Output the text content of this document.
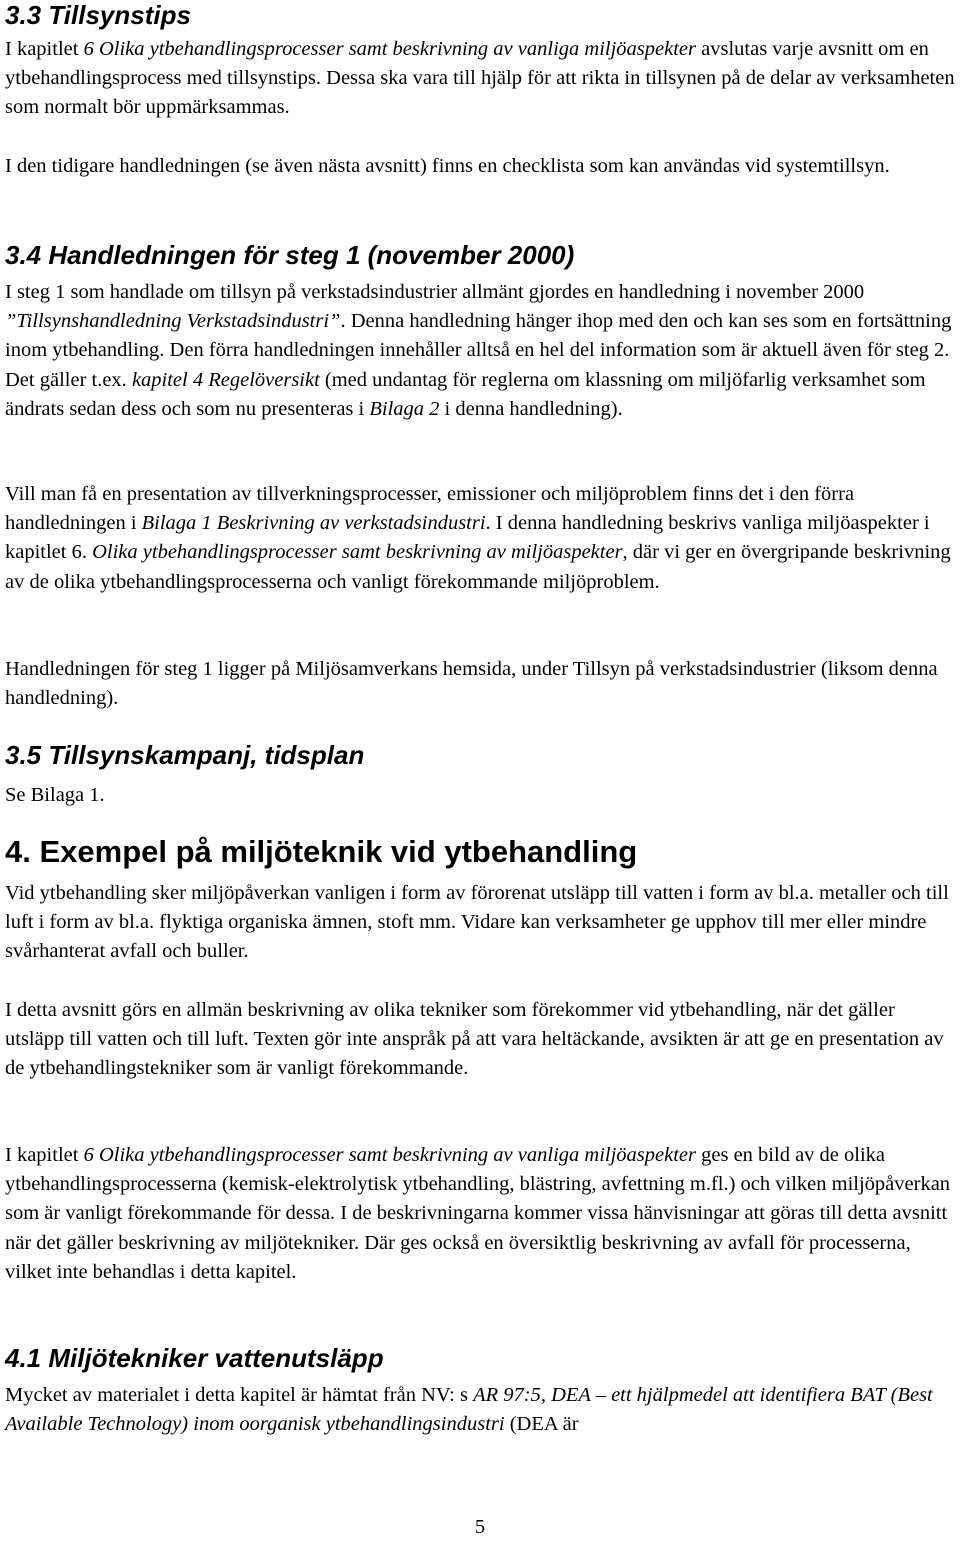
3.3 Tillsynstips

I kapitlet 6 Olika ytbehandlingsprocesser samt beskrivning av vanliga miljöaspekter avslutas varje avsnitt om en ytbehandlingsprocess med tillsynstips. Dessa ska vara till hjälp för att rikta in tillsynen på de delar av verksamheten som normalt bör uppmärksammas.

I den tidigare handledningen (se även nästa avsnitt) finns en checklista som kan användas vid systemtillsyn.

3.4 Handledningen för steg 1 (november 2000)

I steg 1 som handlade om tillsyn på verkstadsindustrier allmänt gjordes en handledning i november 2000 ”Tillsynshandledning Verkstadsindustri”. Denna handledning hänger ihop med den och kan ses som en fortsättning inom ytbehandling. Den förra handledningen innehåller alltså en hel del information som är aktuell även för steg 2. Det gäller t.ex. kapitel 4 Regelöversikt (med undantag för reglerna om klassning om miljöfarlig verksamhet som ändrats sedan dess och som nu presenteras i Bilaga 2 i denna handledning).

Vill man få en presentation av tillverkningsprocesser, emissioner och miljöproblem finns det i den förra handledningen i Bilaga 1 Beskrivning av verkstadsindustri. I denna handledning beskrivs vanliga miljöaspekter i kapitlet 6. Olika ytbehandlingsprocesser samt beskrivning av miljöaspekter, där vi ger en övergripande beskrivning av de olika ytbehandlingsprocesserna och vanligt förekommande miljöproblem.

Handledningen för steg 1 ligger på Miljösamverkans hemsida, under Tillsyn på verkstadsindustrier (liksom denna handledning).

3.5 Tillsynskampanj, tidsplan

Se Bilaga 1.

4. Exempel på miljöteknik vid ytbehandling

Vid ytbehandling sker miljöpåverkan vanligen i form av förorenat utsläpp till vatten i form av bl.a. metaller och till luft i form av bl.a. flyktiga organiska ämnen, stoft mm. Vidare kan verksamheter ge upphov till mer eller mindre svårhanterat avfall och buller.

I detta avsnitt görs en allmän beskrivning av olika tekniker som förekommer vid ytbehandling, när det gäller utsläpp till vatten och till luft. Texten gör inte anspråk på att vara heltäckande, avsikten är att ge en presentation av de ytbehandlingstekniker som är vanligt förekommande.

I kapitlet 6 Olika ytbehandlingsprocesser samt beskrivning av vanliga miljöaspekter ges en bild av de olika ytbehandlingsprocesserna (kemisk-elektrolytisk ytbehandling, blästring, avfettning m.fl.) och vilken miljöpåverkan som är vanligt förekommande för dessa. I de beskrivningarna kommer vissa hänvisningar att göras till detta avsnitt när det gäller beskrivning av miljötekniker. Där ges också en översiktlig beskrivning av avfall för processerna, vilket inte behandlas i detta kapitel.

4.1 Miljötekniker vattenutsläpp

Mycket av materialet i detta kapitel är hämtat från NV: s AR 97:5, DEA – ett hjälpmedel att identifiera BAT (Best Available Technology) inom oorganisk ytbehandlingsindustri (DEA är

5
